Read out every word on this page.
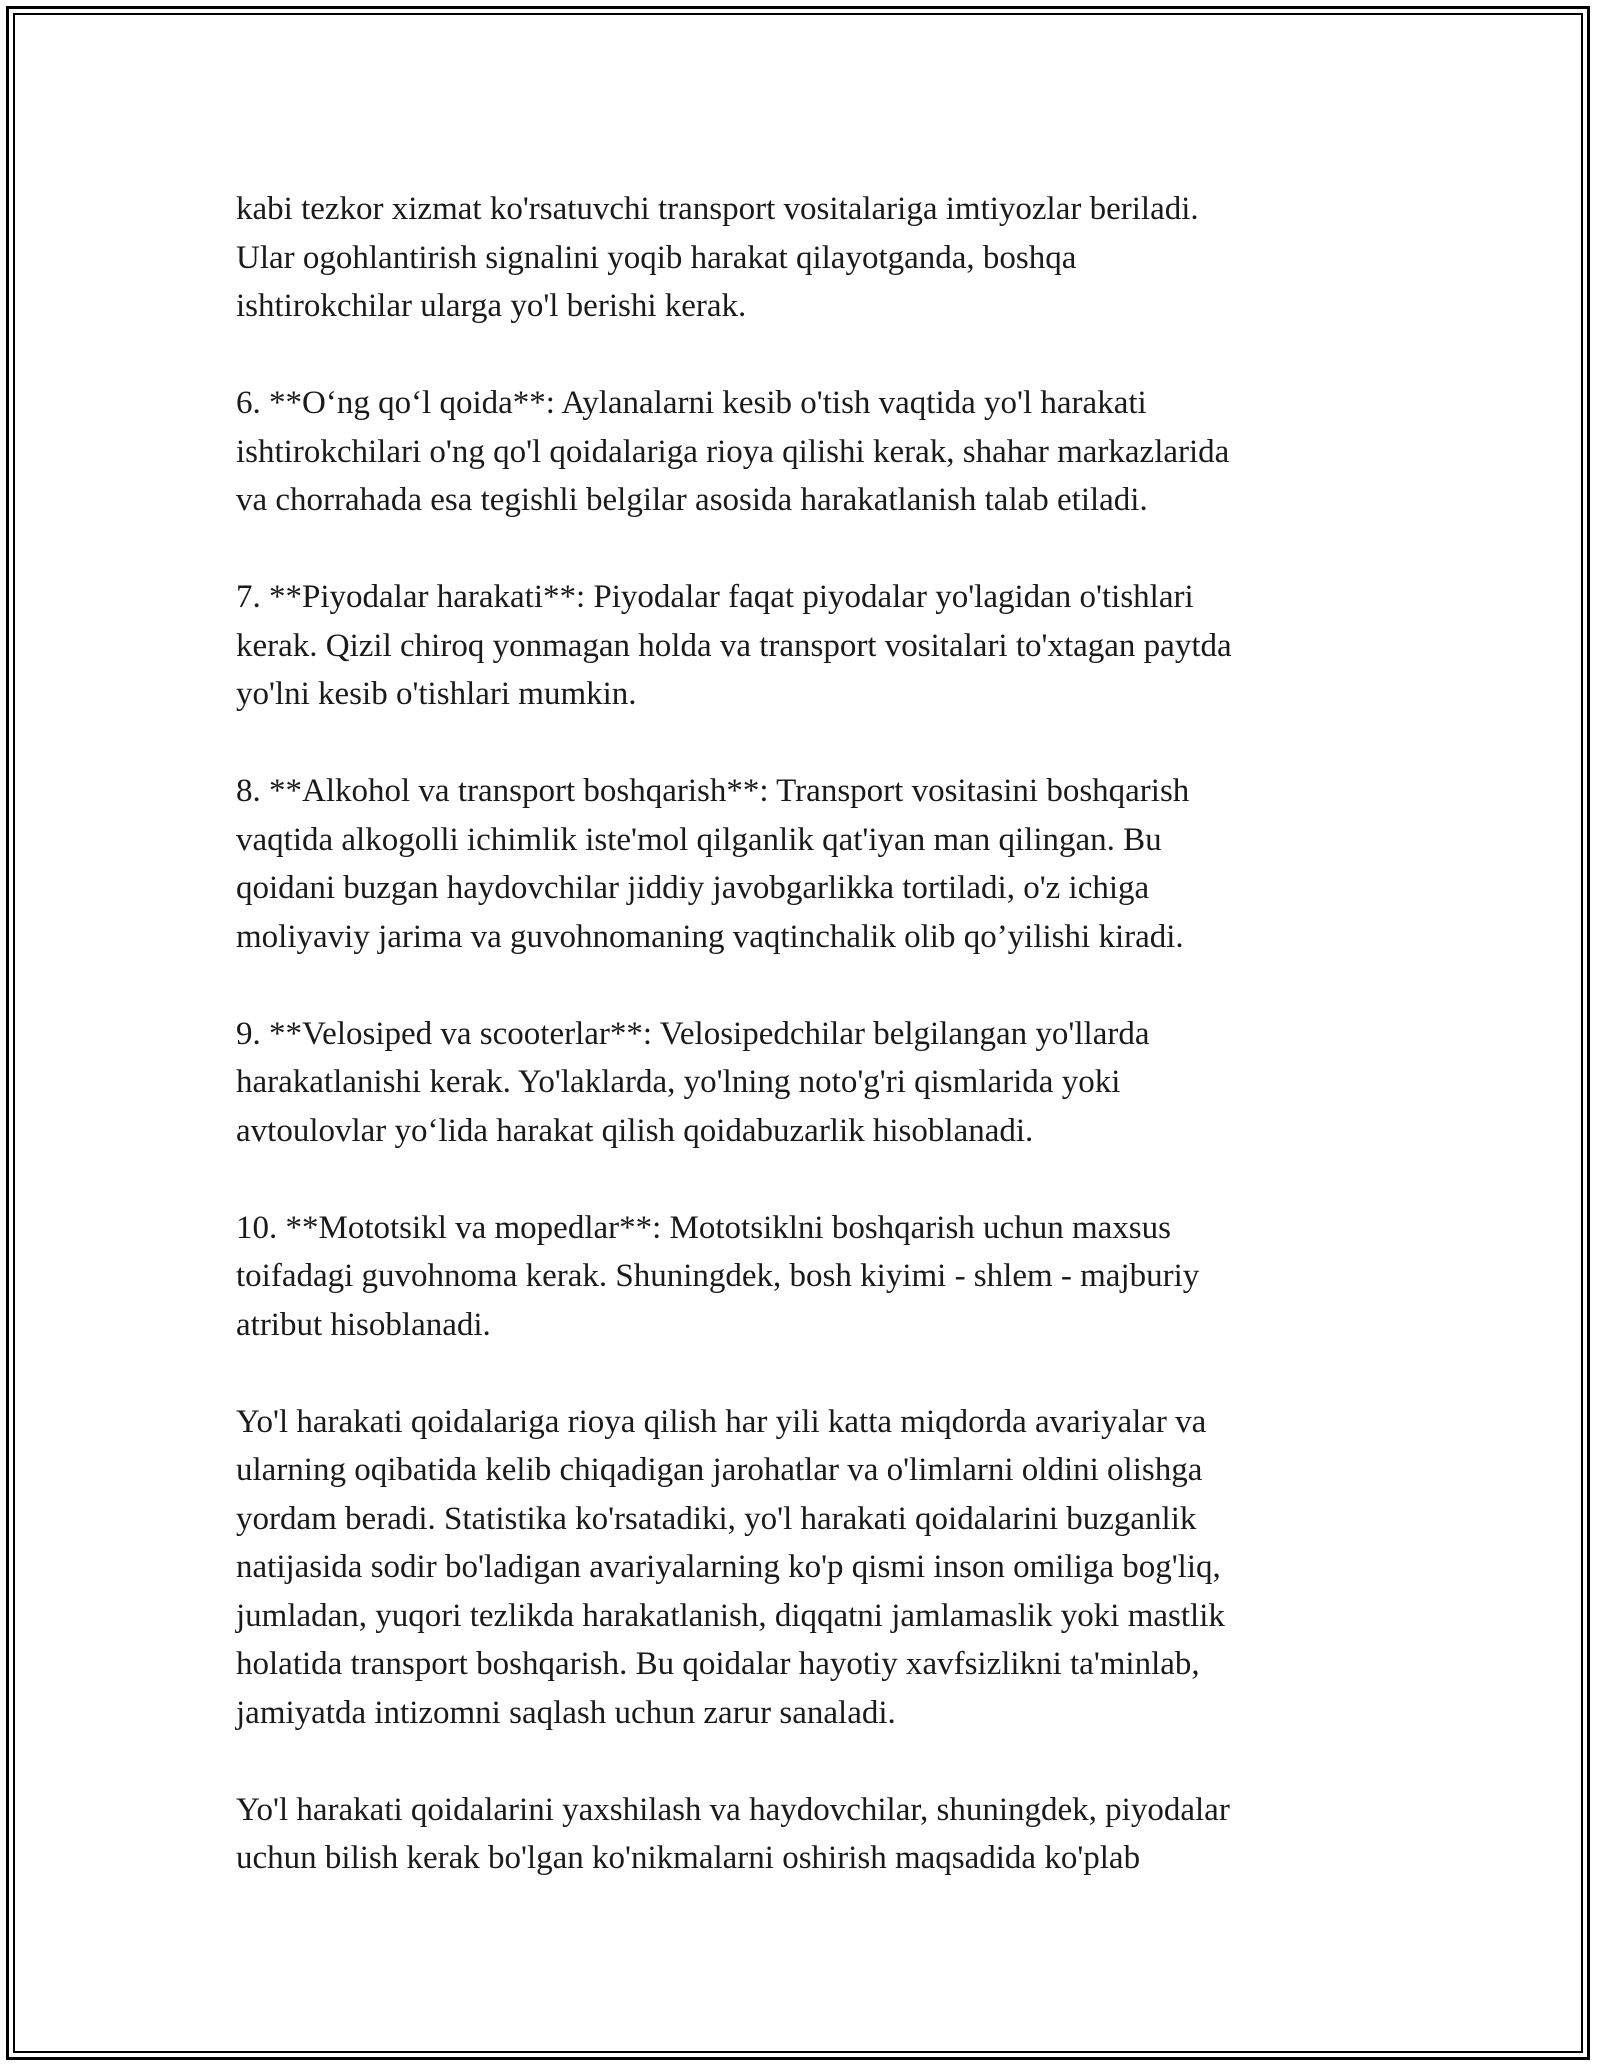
kabi tezkor xizmat ko'rsatuvchi transport vositalariga imtiyozlar beriladi.
Ular ogohlantirish signalini yoqib harakat qilayotganda, boshqa
ishtirokchilar ularga yo'l berishi kerak.

6. **O‘ng qo‘l qoida**: Aylanalarni kesib o'tish vaqtida yo'l harakati
ishtirokchilari o'ng qo'l qoidalariga rioya qilishi kerak, shahar markazlarida
va chorrahada esa tegishli belgilar asosida harakatlanish talab etiladi.

7. **Piyodalar harakati**: Piyodalar faqat piyodalar yo'lagidan o'tishlari
kerak. Qizil chiroq yonmagan holda va transport vositalari to'xtagan paytda
yo'lni kesib o'tishlari mumkin.

8. **Alkohol va transport boshqarish**: Transport vositasini boshqarish
vaqtida alkogolli ichimlik iste'mol qilganlik qat'iyan man qilingan. Bu
qoidani buzgan haydovchilar jiddiy javobgarlikka tortiladi, o'z ichiga
moliyaviy jarima va guvohnomaning vaqtinchalik olib qo’yilishi kiradi.

9. **Velosiped va scooterlar**: Velosipedchilar belgilangan yo'llarda
harakatlanishi kerak. Yo'laklarda, yo'lning noto'g'ri qismlarida yoki
avtoulovlar yo‘lida harakat qilish qoidabuzarlik hisoblanadi.

10. **Mototsikl va mopedlar**: Mototsiklni boshqarish uchun maxsus
toifadagi guvohnoma kerak. Shuningdek, bosh kiyimi - shlem - majburiy
atribut hisoblanadi.

Yo'l harakati qoidalariga rioya qilish har yili katta miqdorda avariyalar va
ularning oqibatida kelib chiqadigan jarohatlar va o'limlarni oldini olishga
yordam beradi. Statistika ko'rsatadiki, yo'l harakati qoidalarini buzganlik
natijasida sodir bo'ladigan avariyalarning ko'p qismi inson omiliga bog'liq,
jumladan, yuqori tezlikda harakatlanish, diqqatni jamlamaslik yoki mastlik
holatida transport boshqarish. Bu qoidalar hayotiy xavfsizlikni ta'minlab,
jamiyatda intizomni saqlash uchun zarur sanaladi.

Yo'l harakati qoidalarini yaxshilash va haydovchilar, shuningdek, piyodalar
uchun bilish kerak bo'lgan ko'nikmalarni oshirish maqsadida ko'plab
